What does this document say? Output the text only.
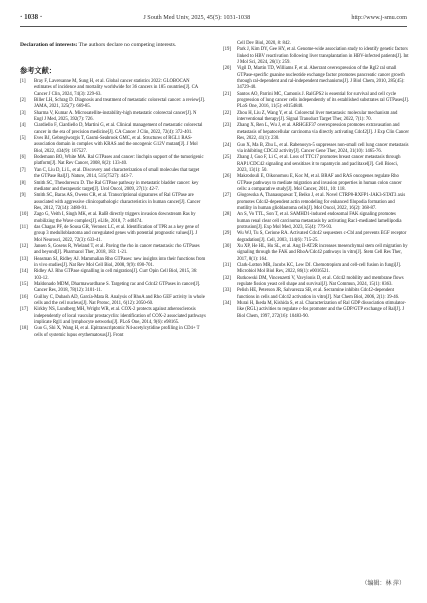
· 1038 ·	J South Med Univ, 2025, 45(5): 1031-1038	http://www.j-smu.com
Declaration of interests: The authors declare no competing interests.
参考文献：
[1]	Bray F, Laversanne M, Sung H, et al. Global cancer statistics 2022: GLOBOCAN estimates of incidence and mortality worldwide for 36 cancers in 185 countries[J]. CA Cancer J Clin, 2024, 74(3): 229-63.
[2]	Biller LH, Schrag D. Diagnosis and treatment of metastatic colorectal cancer: a review[J]. JAMA, 2021, 325(7): 669-85.
[3]	Sharma V, Kumar A. Microsatellite-instability-high metastatic colorectal cancer[J]. N Engl J Med, 2025, 392(7): 726.
[4]	Ciardiello F, Ciardiello D, Martini G, et al. Clinical management of metastatic colorectal cancer in the era of precision medicine[J]. CA Cancer J Clin, 2022, 72(4): 372-401.
[5]	Eves BJ, Gebregiworgis T, Gasmi-Seabrook GMC, et al. Structures of RGL1 RAS-association domain in complex with KRAS and the oncogenic G12V mutant[J]. J Mol Biol, 2022, 434(9): 167527.
[6]	Bodemann BO, White MA. Ral GTPases and cancer: linchpin support of the tumorigenic platform[J]. Nat Rev Cancer, 2008, 8(2): 133-40.
[7]	Yan C, Liu D, Li L, et al. Discovery and characterization of small molecules that target the GTPase Ral[J]. Nature, 2014, 515(7527): 443-7.
[8]	Smith SC, Theodorescu D. The Ral GTPase pathway in metastatic bladder cancer: key mediator and therapeutic target[J]. Urol Oncol, 2009, 27(1): 42-7.
[9]	Smith SC, Baras AS, Owens CR, et al. Transcriptional signatures of Ral GTPase are associated with aggressive clinicopathologic characteristics in human cancer[J]. Cancer Res, 2012, 72(14): 3480-91.
[10]	Zago G, Veith I, Singh MK, et al. RalB directly triggers invasion downstream Ras by mobilizing the Wave complex[J]. eLife, 2018, 7: e40474.
[11]	das Chagas PF, de Sousa GR, Veronez LC, et al. Identification of TPR as a key gene of group 3 medulloblastoma and coregulated genes with potential prognostic values[J]. J Mol Neurosci, 2022, 72(3): 633-41.
[12]	Jansen S, Gosens R, Wieland T, et al. Paving the rho in cancer metastasis: rho GTPases and beyond[J]. Pharmacol Ther, 2018, 183: 1-21.
[13]	Heasman SJ, Ridley AJ. Mammalian Rho GTPases: new insights into their functions from in vivo studies[J]. Nat Rev Mol Cell Biol, 2008, 9(9): 690-701.
[14]	Ridley AJ. Rho GTPase signalling in cell migration[J]. Curr Opin Cell Biol, 2015, 36: 103-12.
[15]	Maldonado MDM, Dharmawardhane S. Targeting rac and Cdc42 GTPases in cancer[J]. Cancer Res, 2018, 78(12): 3101-11.
[16]	Guilluy C, Dubash AD, García-Mata R. Analysis of RhoA and Rho GEF activity in whole cells and the cell nucleus[J]. Nat Protoc, 2011, 6(12): 2050-60.
[17]	Kirkby NS, Lundberg MH, Wright WR, et al. COX-2 protects against atherosclerosis independently of local vascular prostacyclin: identification of COX-2 associated pathways implicate Rgl1 and lymphocyte networks[J]. PLoS One, 2014, 9(6): e98165.
[18]	Guo G, Shi X, Wang H, et al. Epitranscriptomic N4-acetylcytidine profiling in CD4+ T cells of systemic lupus erythematosus[J]. Front
Cell Dev Biol, 2020, 8: 842.
[19]	Park J, Kim DY, Gee HY, et al. Genome-wide association study to identify genetic factors linked to HBV reactivation following liver transplantation in HBV-infected patients[J]. Int J Mol Sci, 2024, 26(1): 259.
[20]	Vigil D, Martin TD, Williams F, et al. Aberrant overexpression of the Rgl2 ral small GTPase-specific guanine nucleotide exchange factor promotes pancreatic cancer growth through ral-dependent and ral-independent mechanisms[J]. J Biol Chem, 2010, 285(45): 34729-40.
[21]	Santos AO, Parrini MC, Camonis J. RalGPS2 is essential for survival and cell cycle progression of lung cancer cells independently of its established substrates ral GTPases[J]. PLoS One, 2016, 11(5): e0154840.
[22]	Zhou H, Liu Z, Wang Y, et al. Colorectal liver metastasis: molecular mechanism and interventional therapy[J]. Signal Transduct Target Ther, 2022, 7(1): 70.
[23]	Zhang X, Ren L, Wu J, et al. ARHGEF37 overexpression promotes extravasation and metastasis of hepatocellular carcinoma via directly activating Cdc42[J]. J Exp Clin Cancer Res, 2022, 41(1): 230.
[24]	Guo X, Ma B, Zhu L, et al. Rabenosyn-5 suppresses non-small cell lung cancer metastasis via inhibiting CDC42 activity[J]. Cancer Gene Ther, 2024, 31(10): 1465-76.
[25]	Zhang J, Guo F, Li C, et al. Loss of TTC17 promotes breast cancer metastasis through RAP1/CDC42 signaling and sensitizes it to rapamycin and paclitaxel[J]. Cell Biosci, 2023, 13(1): 50.
[26]	Makrodouli E, Oikonomou E, Koc M, et al. BRAF and RAS oncogenes regulate Rho GTPase pathways to mediate migration and invasion properties in human colon cancer cells: a comparative study[J]. Mol Cancer, 2011, 10: 118.
[27]	Głogowska A, Thanasupawat T, Beiko J, et al. Novel CTRP8-RXFP1-JAK3-STAT3 axis promotes Cdc42-dependent actin remodeling for enhanced filopodia formation and motility in human glioblastoma cells[J]. Mol Oncol, 2022, 16(2): 368-87.
[28]	An S, Vo TTL, Son T, et al. SAMHD1-induced endosomal FAK signaling promotes human renal clear cell carcinoma metastasis by activating Rac1-mediated lamellipodia protrusion[J]. Exp Mol Med, 2023, 55(4): 779-93.
[29]	Wu WJ, Tu S, Cerione RA. Activated Cdc42 sequesters c-Cbl and prevents EGF receptor degradation[J]. Cell, 2003, 114(6): 715-25.
[30]	Xu XP, He HL, Hu SL, et al. Ang II-AT2R increases mesenchymal stem cell migration by signaling through the FAK and RhoA/Cdc42 pathways in vitro[J]. Stem Cell Res Ther, 2017, 8(1): 164.
[31]	Clark-Lotton MR, Jacobs KC, Lew DJ. Chemotropism and cell-cell fusion in fungi[J]. Microbiol Mol Biol Rev, 2022, 86(1): e0016521.
[32]	Rutkowski DM, Vincenzetti V, Vavylonis D, et al. Cdc42 mobility and membrane flows regulate fission yeast cell shape and survival[J]. Nat Commun, 2024, 15(1): 8363.
[33]	Pelish HE, Peterson JR, Salvarezza SB, et al. Secramine inhibits Cdc42-dependent functions in cells and Cdc42 activation in vitro[J]. Nat Chem Biol, 2006, 2(1): 39-46.
[34]	Murai H, Ikeda M, Kishida S, et al. Characterization of Ral GDP dissociation stimulator-like (RGL) activities to regulate c-fos promoter and the GDP/GTP exchange of Ral[J]. J Biol Chem, 1997, 272(16): 10483-90.
（编辑：林 萍）
